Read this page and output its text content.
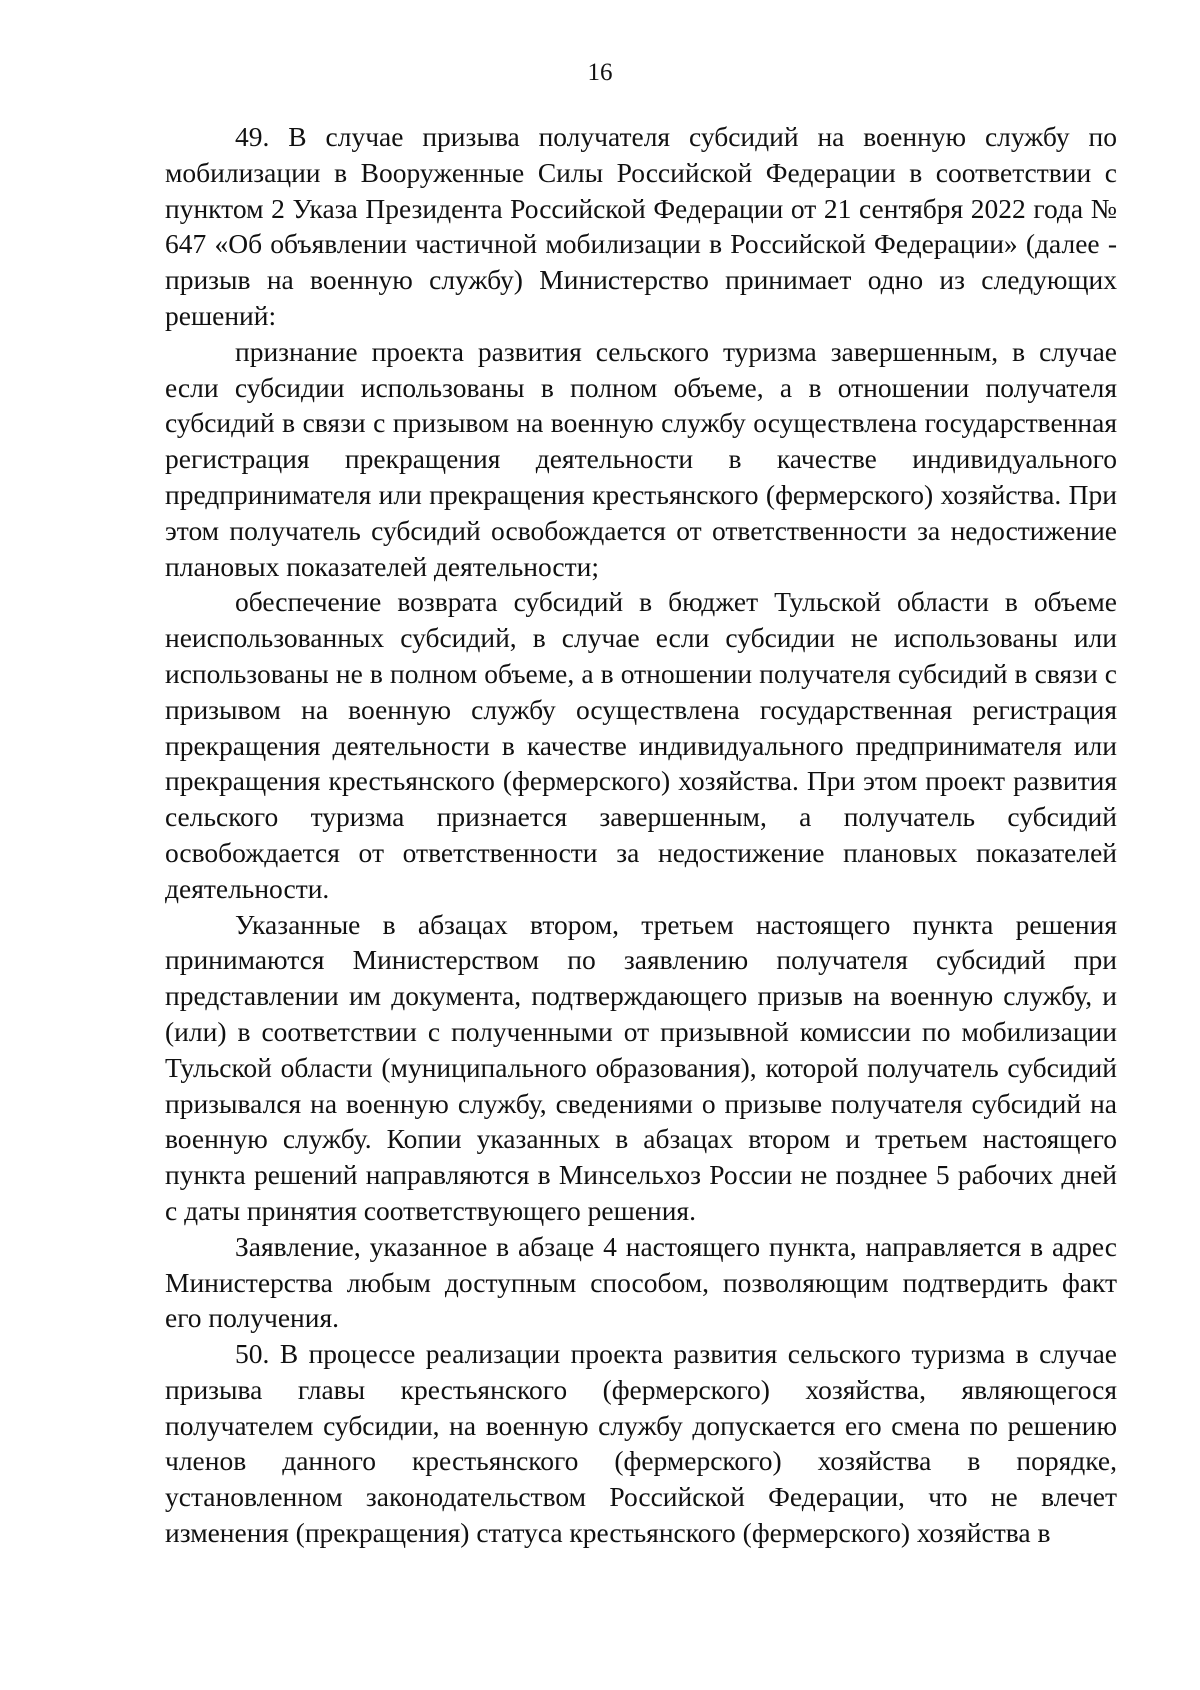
16

49. В случае призыва получателя субсидий на военную службу по мобилизации в Вооруженные Силы Российской Федерации в соответствии с пунктом 2 Указа Президента Российской Федерации от 21 сентября 2022 года № 647 «Об объявлении частичной мобилизации в Российской Федерации» (далее - призыв на военную службу) Министерство принимает одно из следующих решений:

признание проекта развития сельского туризма завершенным, в случае если субсидии использованы в полном объеме, а в отношении получателя субсидий в связи с призывом на военную службу осуществлена государственная регистрация прекращения деятельности в качестве индивидуального предпринимателя или прекращения крестьянского (фермерского) хозяйства. При этом получатель субсидий освобождается от ответственности за недостижение плановых показателей деятельности;

обеспечение возврата субсидий в бюджет Тульской области в объеме неиспользованных субсидий, в случае если субсидии не использованы или использованы не в полном объеме, а в отношении получателя субсидий в связи с призывом на военную службу осуществлена государственная регистрация прекращения деятельности в качестве индивидуального предпринимателя или прекращения крестьянского (фермерского) хозяйства. При этом проект развития сельского туризма признается завершенным, а получатель субсидий освобождается от ответственности за недостижение плановых показателей деятельности.

Указанные в абзацах втором, третьем настоящего пункта решения принимаются Министерством по заявлению получателя субсидий при представлении им документа, подтверждающего призыв на военную службу, и (или) в соответствии с полученными от призывной комиссии по мобилизации Тульской области (муниципального образования), которой получатель субсидий призывался на военную службу, сведениями о призыве получателя субсидий на военную службу. Копии указанных в абзацах втором и третьем настоящего пункта решений направляются в Минсельхоз России не позднее 5 рабочих дней с даты принятия соответствующего решения.

Заявление, указанное в абзаце 4 настоящего пункта, направляется в адрес Министерства любым доступным способом, позволяющим подтвердить факт его получения.

50. В процессе реализации проекта развития сельского туризма в случае призыва главы крестьянского (фермерского) хозяйства, являющегося получателем субсидии, на военную службу допускается его смена по решению членов данного крестьянского (фермерского) хозяйства в порядке, установленном законодательством Российской Федерации, что не влечет изменения (прекращения) статуса крестьянского (фермерского) хозяйства в
